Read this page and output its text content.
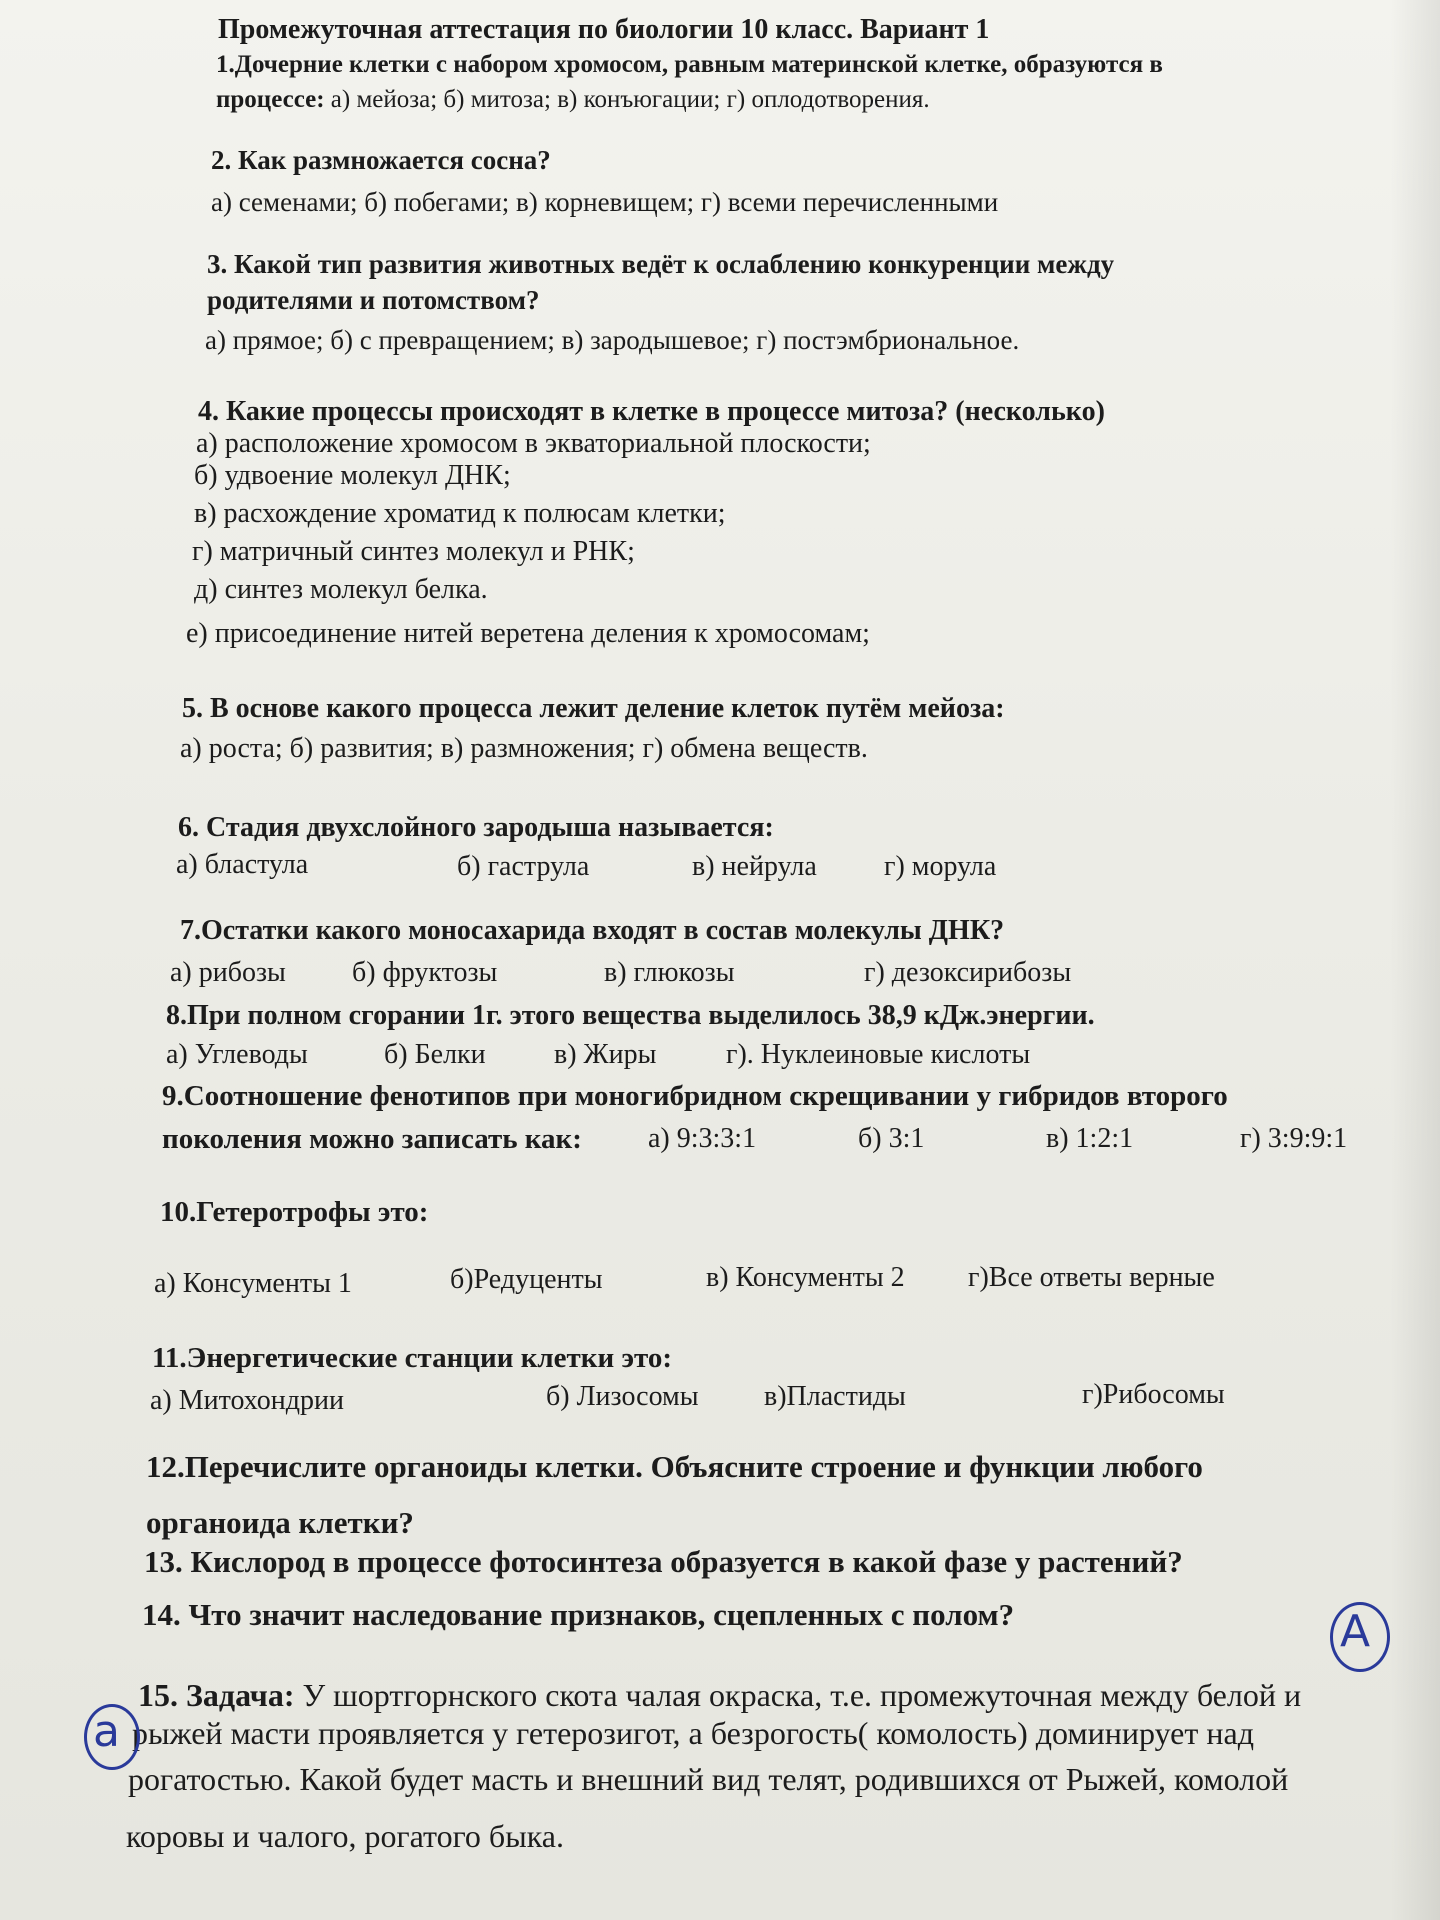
Промежуточная аттестация по биологии 10 класс. Вариант 1
1.Дочерние клетки с набором хромосом, равным материнской клетке, образуются в
процессе: а) мейоза; б) митоза; в) конъюгации; г) оплодотворения.
2. Как размножается сосна?
а) семенами; б) побегами; в) корневищем; г) всеми перечисленными
3. Какой тип развития животных ведёт к ослаблению конкуренции между
родителями и потомством?
а) прямое; б) с превращением; в) зародышевое; г) постэмбриональное.
4. Какие процессы происходят в клетке в процессе митоза? (несколько)
а) расположение хромосом в экваториальной плоскости;
б) удвоение молекул ДНК;
в) расхождение хроматид к полюсам клетки;
г) матричный синтез молекул и РНК;
д) синтез молекул белка.
е) присоединение нитей веретена деления к хромосомам;
5. В основе какого процесса лежит деление клеток путём мейоза:
а) роста; б) развития; в) размножения; г) обмена веществ.
6. Стадия двухслойного зародыша называется:
а) бластула	б) гаструла	в) нейрула г) морула
7.Остатки какого моносахарида входят в состав молекулы ДНК?
а) рибозы б) фруктозы	в) глюкозы	г) дезоксирибозы
8.При полном сгорании 1г. этого вещества выделилось 38,9 кДж.энергии.
а) Углеводы	б) Белки в) Жиры г). Нуклеиновые кислоты
9.Соотношение фенотипов при моногибридном скрещивании у гибридов второго
поколения можно записать как: а) 9:3:3:1	б) 3:1	в) 1:2:1	г) 3:9:9:1
10.Гетеротрофы это:
а) Консументы 1	б)Редуценты	в) Консументы 2 г)Все ответы верные
11.Энергетические станции клетки это:
а) Митохондрии	б) Лизосомы в)Пластиды	г)Рибосомы
12.Перечислите органоиды клетки. Объясните строение и функции любого
органоида клетки?
13. Кислород в процессе фотосинтеза образуется в какой фазе у растений?
14. Что значит наследование признаков, сцепленных с полом?
15. Задача: У шортгорнского скота чалая окраска, т.е. промежуточная между белой и
рыжей масти проявляется у гетерозигот, а безрогость( комолость) доминирует над
рогатостью. Какой будет масть и внешний вид телят, родившихся от Рыжей, комолой
коровы и чалого, рогатого быка.
А
а
